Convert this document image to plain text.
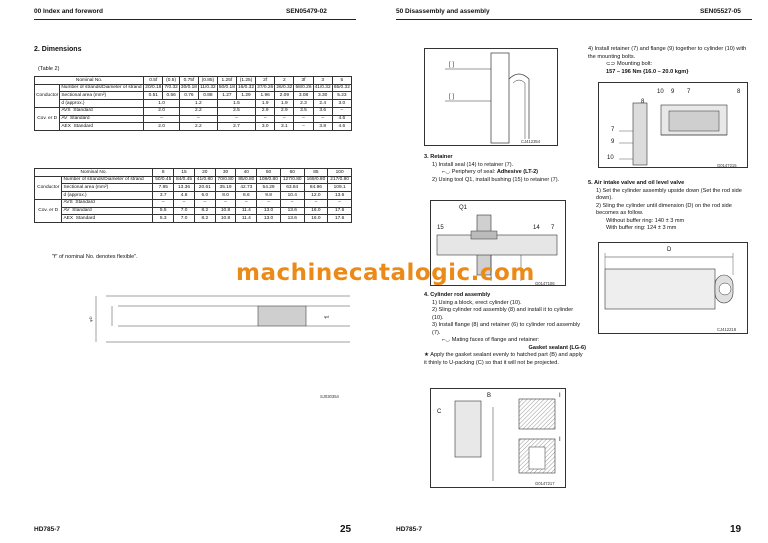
00 Index and foreword	SEN05479-02
2. Dimensions
(Table 2)
Nominal No.		0.5f	(0.5)	0.75f	(0.85)	1.25f	(1.25)	2f	2	3f	3	5
Conductor	Number of strands/Diameter of strand	20/0.18	7/0.32	30/0.18	11/0.32	50/0.18	16/0.32	37/0.26	26/0.32	58/0.26	41/0.32	65/0.32
	Sectional area (mm²)	0.51	0.56	0.76	0.88	1.27	1.29	1.96	2.09	3.08	3.30	5.23
	d (approx.)	1.0		1.2		1.5		1.9	1.9	2.3	2.4	3.0
Cov. er D	AVS Standard	2.0		2.2		2.5		2.9	2.9	3.5	3.6	–
	AV Standard	–		–		–		–	–	–	–	4.6
	AEX Standard	2.0		2.2		2.7		3.0	3.1	–	3.8	4.6
Nominal No.		8	15	20	30	40	50	60	85	100
Conductor	Number of strands/Diameter of strand	50/0.45	84/0.45	41/0.80	70/0.80	85/0.80	108/0.80	127/0.80	169/0.80	217/0.80
	Sectional area (mm²)	7.95	13.36	20.61	35.19	42.73	54.29	63.84	84.96	109.1
	d (approx.)	3.7	4.8	6.0	8.0	8.6	9.8	10.4	12.0	13.6
Cov. er D	AVS Standard	–	–	–	–	–	–	–	–	–
	AV Standard	5.5	7.0	8.2	10.8	11.4	13.0	13.6	16.0	17.6
	AEX Standard	5.3	7.0	8.2	10.8	11.4	13.0	13.6	16.0	17.6
"f" of nominal No. denotes flexible".
φD
φd
SJ030354
HD785-7	25
50 Disassembly and assembly	SEN05527-05
[ ]
[ ]
CJ412354
4) Install retainer (7) and flange (9) together to cylinder (10) with the mounting bolts.
⊂⊃ Mounting bolt:
157 – 196 Nm {16.0 – 20.0 kgm}
10 9 7	8
8
7
9
10
G0147215
3. Retainer
1) Install seal (14) to retainer (7).
⌐◡ Periphery of seal: Adhesive (LT-2)
2) Using tool Q1, install bushing (15) to retainer (7).
Q1
15	14 7
G0147106
4. Cylinder rod assembly
1) Using a block, erect cylinder (10).
2) Sling cylinder rod assembly (8) and install it to cylinder (10).
3) Install flange (8) and retainer (6) to cylinder rod assembly (7).
⌐◡ Mating faces of flange and retainer:
Gasket sealant (LG-6)
★ Apply the gasket sealant evenly to hatched part (B) and apply it thinly to U-packing (C) so that it will not be projected.
B
C
I
I
G0147217
5. Air intake valve and oil level valve
1) Set the cylinder assembly upside down (Set the rod side down).
2) Sling the cylinder until dimension (D) on the rod side becomes as follow.
Without buffer ring: 140 ± 3 mm
With buffer ring: 124 ± 3 mm
D
CJ412218
HD785-7	19
machinecatalogic.com
